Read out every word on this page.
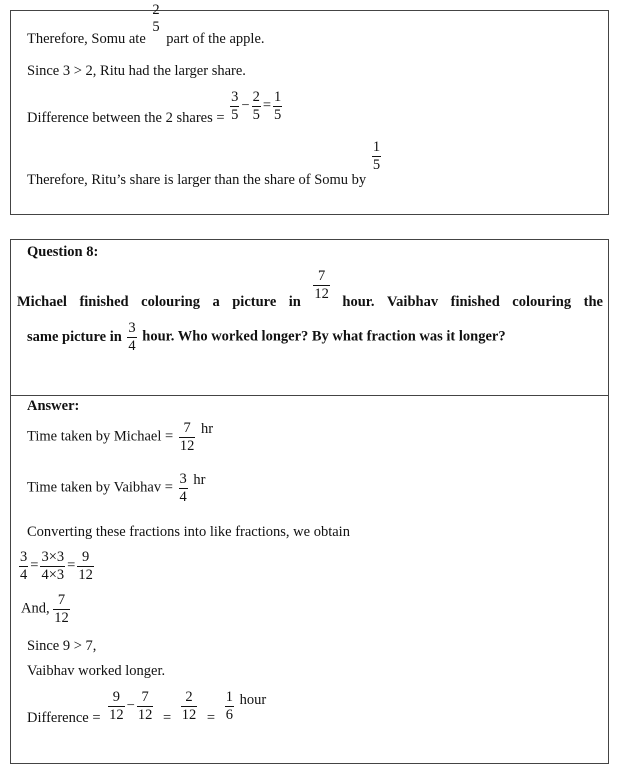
Therefore, Somu ate
2
5
part of the apple.
Since 3 > 2, Ritu had the larger share.
Difference between the 2 shares = $\frac{3}{5} - \frac{2}{5} = \frac{1}{5}$
Therefore, Ritu’s share is larger than the share of Somu by
$\frac{1}{5}$
Question 8:
Michael finished colouring a picture in $\frac{7}{12}$ hour. Vaibhav finished colouring the
same picture in $\frac{3}{4}$ hour. Who worked longer? By what fraction was it longer?
Answer:
Time taken by Michael = $\frac{7}{12}$ hr
Time taken by Vaibhav = $\frac{3}{4}$ hr
Converting these fractions into like fractions, we obtain
$\frac{3}{4} = \frac{3\times 3}{4\times 3} = \frac{9}{12}$
And, $\frac{7}{12}$
Since 9 > 7,
Vaibhav worked longer.
Difference = $\frac{9}{12} - \frac{7}{12} = \frac{2}{12} = \frac{1}{6}$ hour
